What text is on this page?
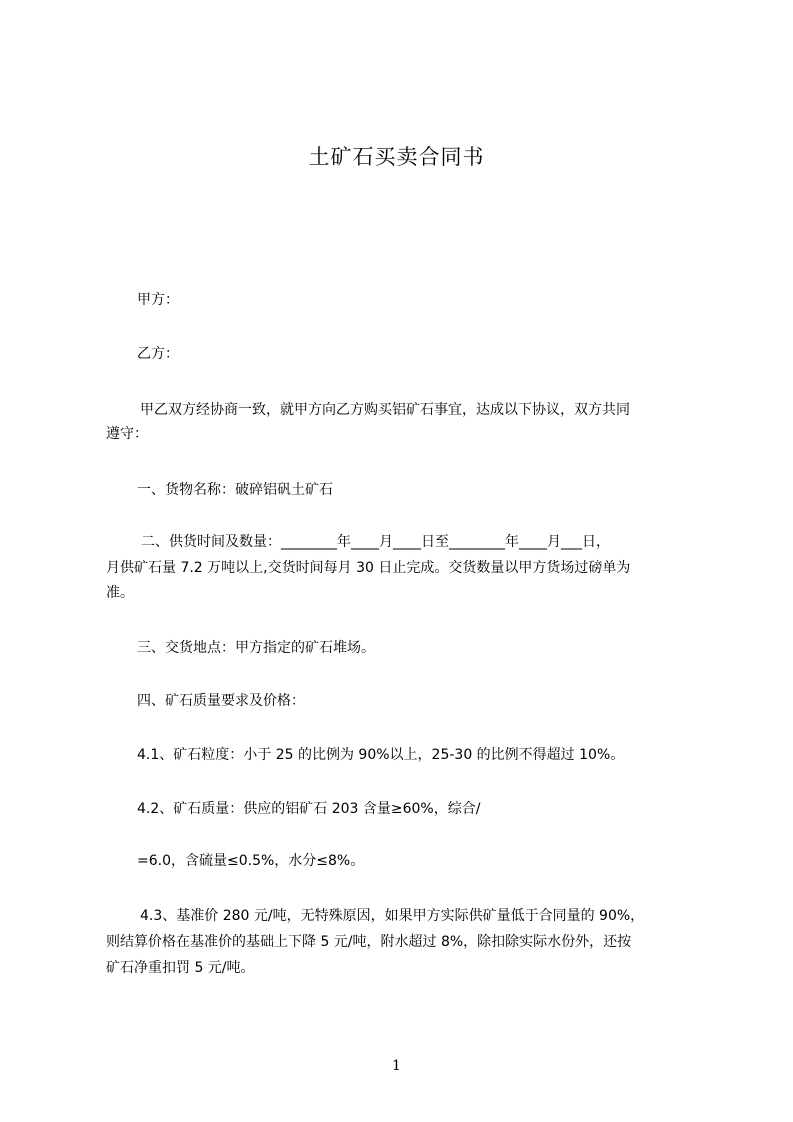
土矿石买卖合同书
甲方：
乙方：
甲乙双方经协商一致，就甲方向乙方购买铝矿石事宜，达成以下协议，双方共同
遵守：
一、货物名称：破碎铝矾土矿石
二、供货时间及数量：________年____月____日至________年____月___日，
月供矿石量 7.2 万吨以上,交货时间每月 30 日止完成。交货数量以甲方货场过磅单为
准。
三、交货地点：甲方指定的矿石堆场。
四、矿石质量要求及价格：
4.1、矿石粒度：小于 25 的比例为 90%以上，25-30 的比例不得超过 10%。
4.2、矿石质量：供应的铝矿石 203 含量≥60%，综合/
=6.0，含硫量≤0.5%，水分≤8%。
4.3、基准价 280 元/吨，无特殊原因，如果甲方实际供矿量低于合同量的 90%，
则结算价格在基准价的基础上下降 5 元/吨，附水超过 8%，除扣除实际水份外，还按
矿石净重扣罚 5 元/吨。
1
